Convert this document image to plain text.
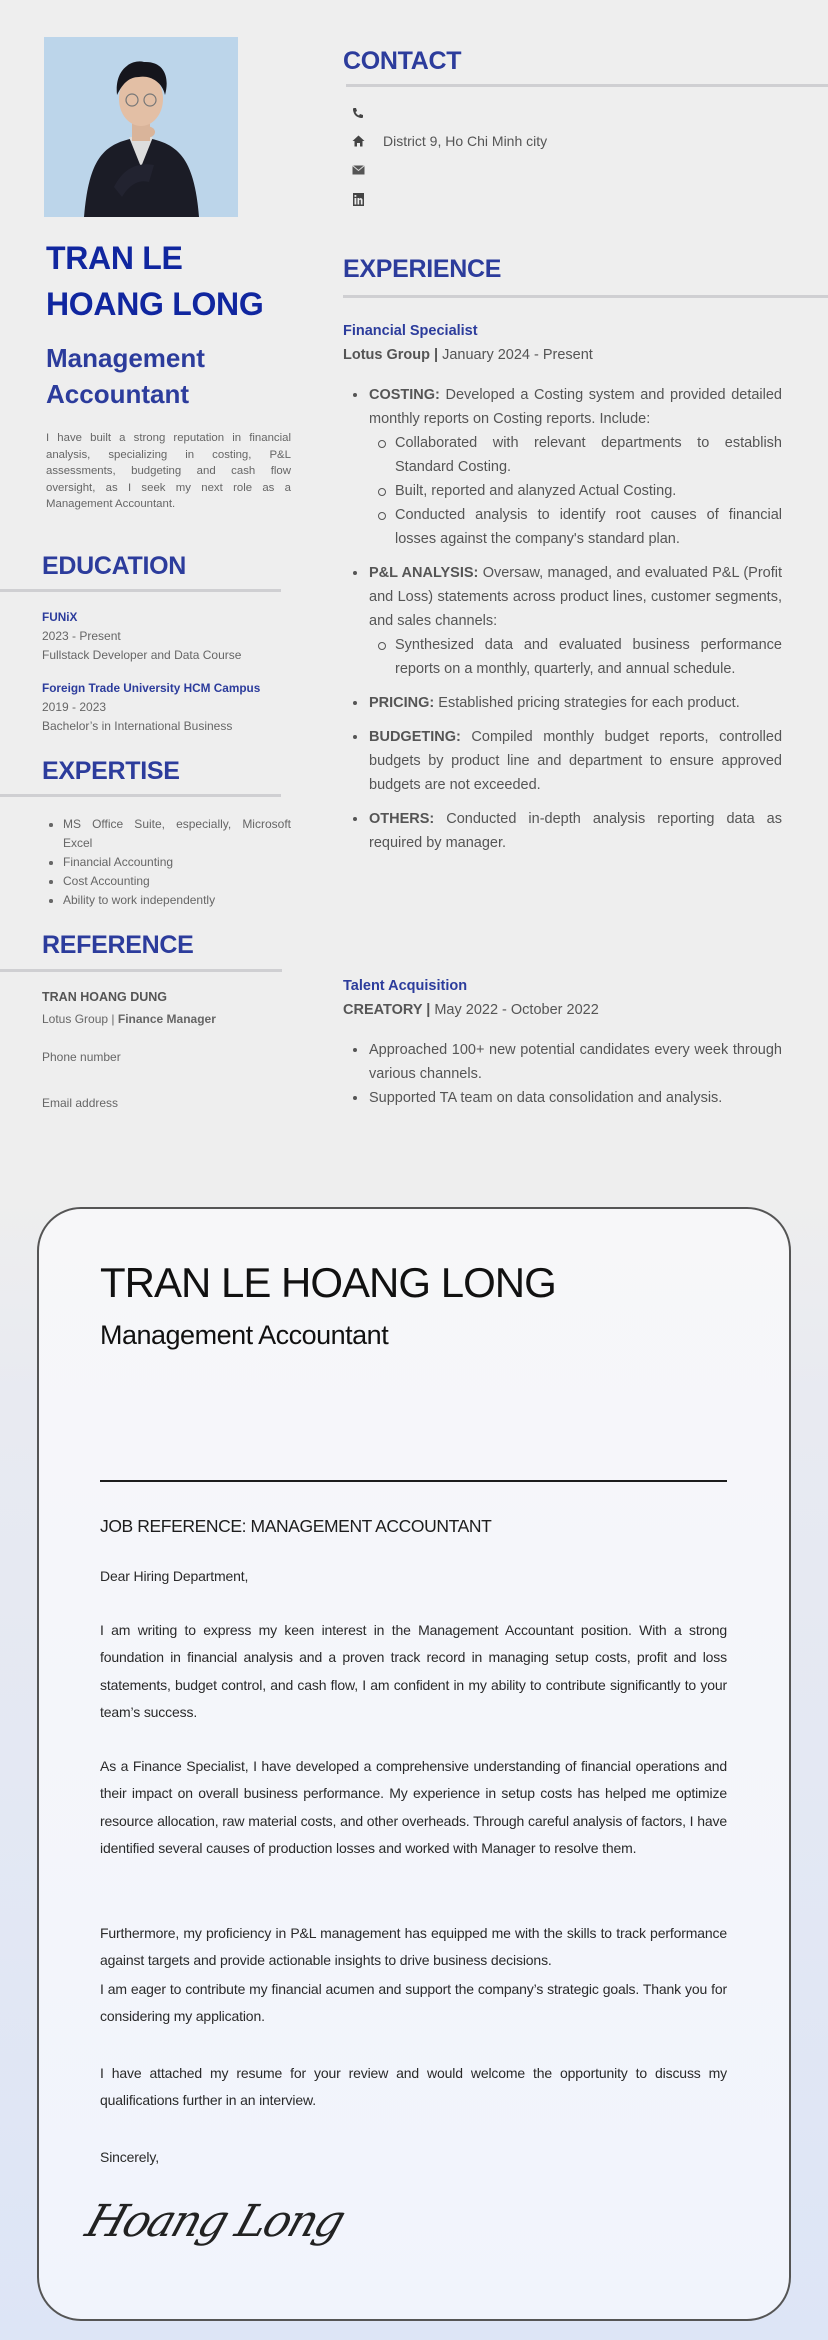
TRAN LE
HOANG LONG
Management
Accountant
I have built a strong reputation in financial analysis, specializing in costing, P&L assessments, budgeting and cash flow oversight, as I seek my next role as a Management Accountant.
EDUCATION
FUNiX
2023 - Present
Fullstack Developer and Data Course
Foreign Trade University HCM Campus
2019 - 2023
Bachelor’s in International Business
EXPERTISE
MS Office Suite, especially, Microsoft Excel
Financial Accounting
Cost Accounting
Ability to work independently
REFERENCE
TRAN HOANG DUNG
Lotus Group | Finance Manager
Phone number
Email address
CONTACT
District 9, Ho Chi Minh city
EXPERIENCE
Financial Specialist
Lotus Group | January 2024 - Present
COSTING: Developed a Costing system and provided detailed monthly reports on Costing reports. Include:
Collaborated with relevant departments to establish Standard Costing.
Built, reported and alanyzed Actual Costing.
Conducted analysis to identify root causes of financial losses against the company's standard plan.
P&L ANALYSIS: Oversaw, managed, and evaluated P&L (Profit and Loss) statements across product lines, customer segments, and sales channels:
Synthesized data and evaluated business performance reports on a monthly, quarterly, and annual schedule.
PRICING: Established pricing strategies for each product.
BUDGETING: Compiled monthly budget reports, controlled budgets by product line and department to ensure approved budgets are not exceeded.
OTHERS: Conducted in-depth analysis reporting data as required by manager.
Talent Acquisition
CREATORY | May 2022 - October 2022
Approached 100+ new potential candidates every week through various channels.
Supported TA team on data consolidation and analysis.
TRAN LE HOANG LONG
Management Accountant
JOB REFERENCE: MANAGEMENT ACCOUNTANT
Dear Hiring Department,
I am writing to express my keen interest in the Management Accountant position. With a strong foundation in financial analysis and a proven track record in managing setup costs, profit and loss statements, budget control, and cash flow, I am confident in my ability to contribute significantly to your team’s success.
As a Finance Specialist, I have developed a comprehensive understanding of financial operations and their impact on overall business performance. My experience in setup costs has helped me optimize resource allocation, raw material costs, and other overheads. Through careful analysis of factors, I have identified several causes of production losses and worked with Manager to resolve them.
Furthermore, my proficiency in P&L management has equipped me with the skills to track performance against targets and provide actionable insights to drive business decisions.
I am eager to contribute my financial acumen and support the company’s strategic goals. Thank you for considering my application.
I have attached my resume for your review and would welcome the opportunity to discuss my qualifications further in an interview.
Sincerely,
Hoang Long
